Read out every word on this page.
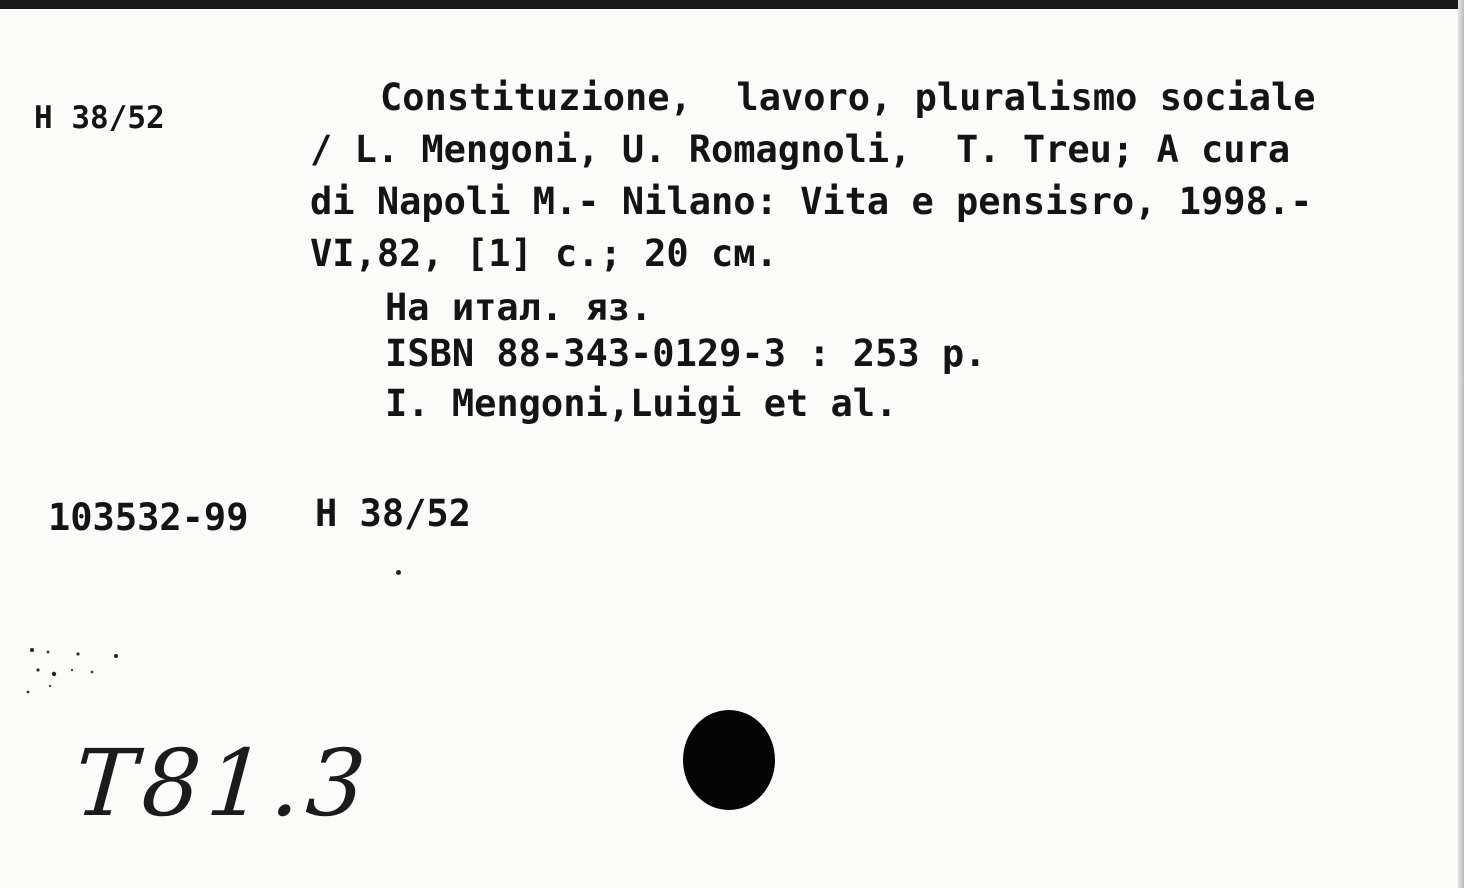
H 38/52	Constituzione,  lavoro, pluralismo sociale

/ L. Mengoni, U. Romagnoli,  T. Treu; A cura

di Napoli M.- Nilano: Vita e pensisro, 1998.-

VI,82, [1] c.; 20 см.

На итал. яз.

ISBN 88-343-0129-3 : 253 p.

I. Mengoni,Luigi et al.

103532-99 H 38/52

T81.3
